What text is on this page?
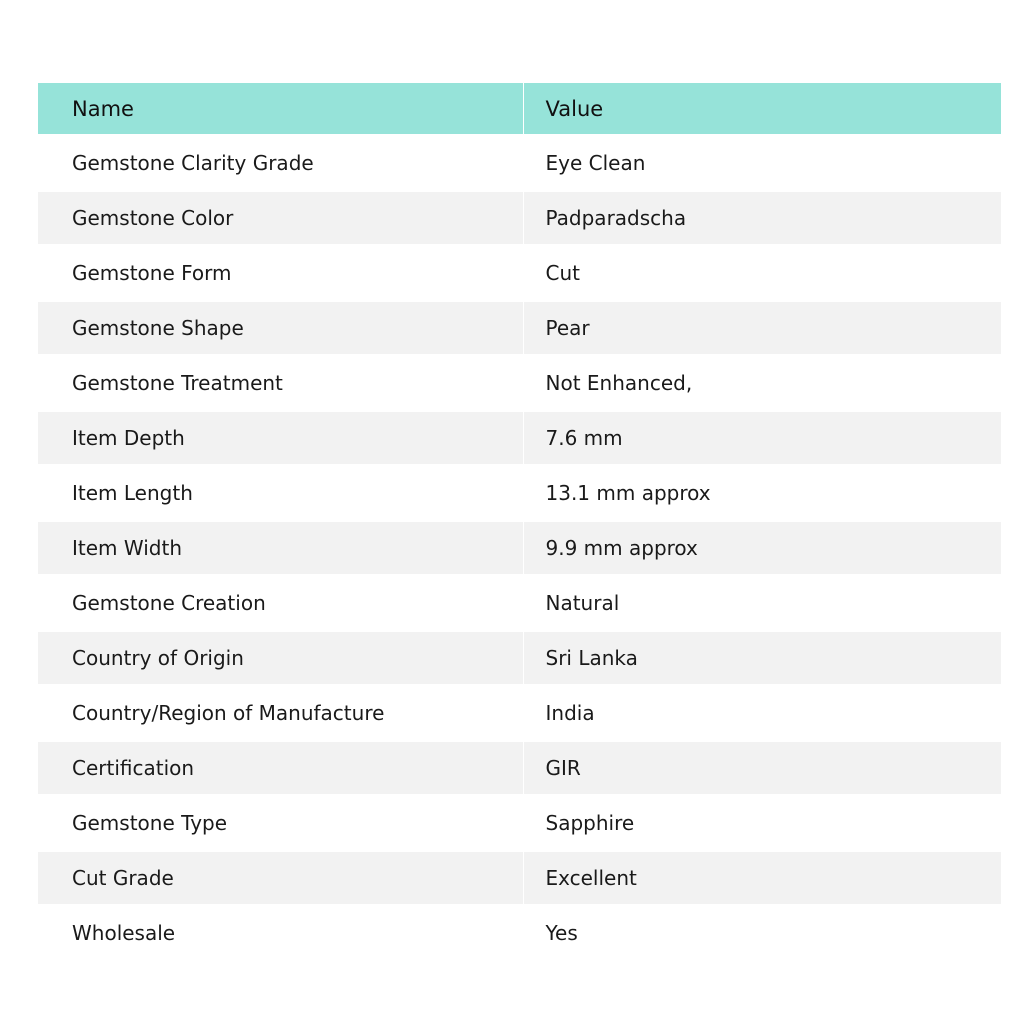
Name	Value
Gemstone Clarity Grade	Eye Clean
Gemstone Color	Padparadscha
Gemstone Form	Cut
Gemstone Shape	Pear
Gemstone Treatment	Not Enhanced,
Item Depth	7.6 mm
Item Length	13.1 mm approx
Item Width	9.9 mm approx
Gemstone Creation	Natural
Country of Origin	Sri Lanka
Country/Region of Manufacture	India
Certification	GIR
Gemstone Type	Sapphire
Cut Grade	Excellent
Wholesale	Yes
